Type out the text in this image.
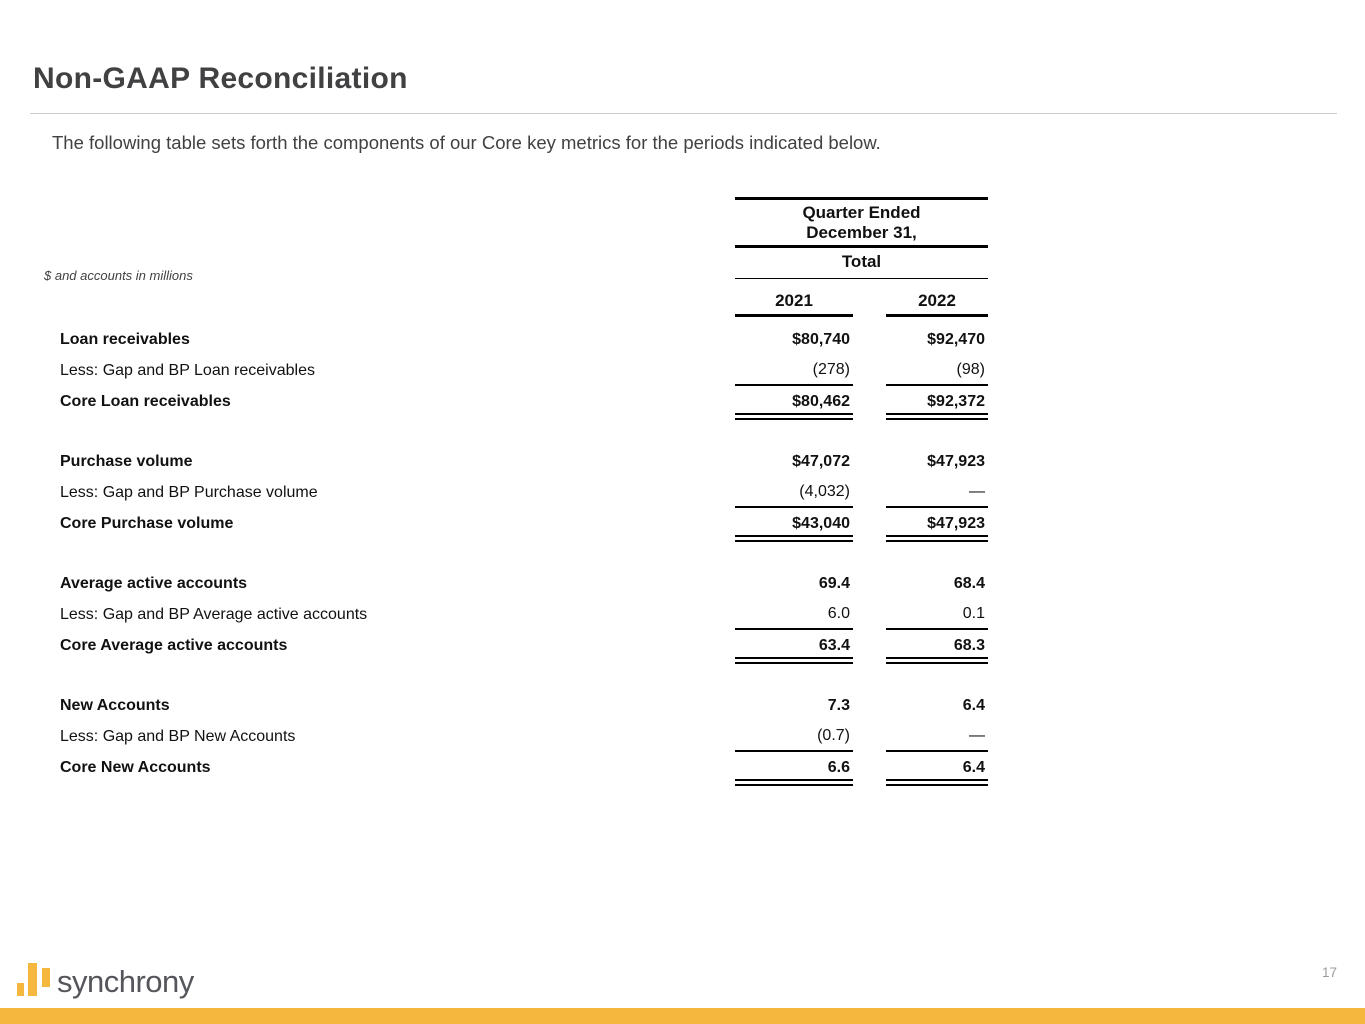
Non-GAAP Reconciliation
The following table sets forth the components of our Core key metrics for the periods indicated below.
$ and accounts in millions
Quarter Ended
December 31,
Total
2021	2022
Loan receivables	$80,740	$92,470
Less: Gap and BP Loan receivables	(278)	(98)
Core Loan receivables	$80,462	$92,372
Purchase volume	$47,072	$47,923
Less: Gap and BP Purchase volume	(4,032)	—
Core Purchase volume	$43,040	$47,923
Average active accounts	69.4	68.4
Less: Gap and BP Average active accounts	6.0	0.1
Core Average active accounts	63.4	68.3
New Accounts	7.3	6.4
Less: Gap and BP New Accounts	(0.7)	—
Core New Accounts	6.6	6.4
synchrony	17
